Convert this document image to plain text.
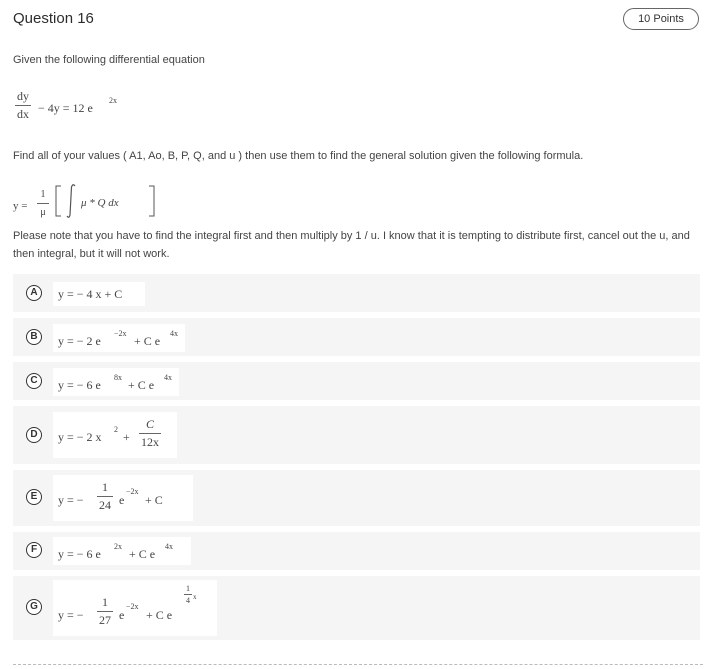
Question 16	10 Points
Given the following differential equation
dy
dx − 4y = 12 e
2x
Find all of your values ( A1, Ao, B, P, Q, and u ) then use them to find the general solution given the following formula.
y =
1
μ
μ * Q dx
Please note that you have to find the integral first and then multiply by 1 / u. I know that it is tempting to distribute first, cancel out the u, and then integral, but it will not work.
A	y = − 4 x + C
B	y = − 2 e
−2x
+ C e
4x
C	y = − 6 e
8x
+ C e
4x
D	y = − 2 x
2
+
C
12x
E	y = −
1
24 e
−2x
+ C
F	y = − 6 e
2x
+ C e
4x
G
y = −
1
27 e
−2x
+ C e
1
4 x
